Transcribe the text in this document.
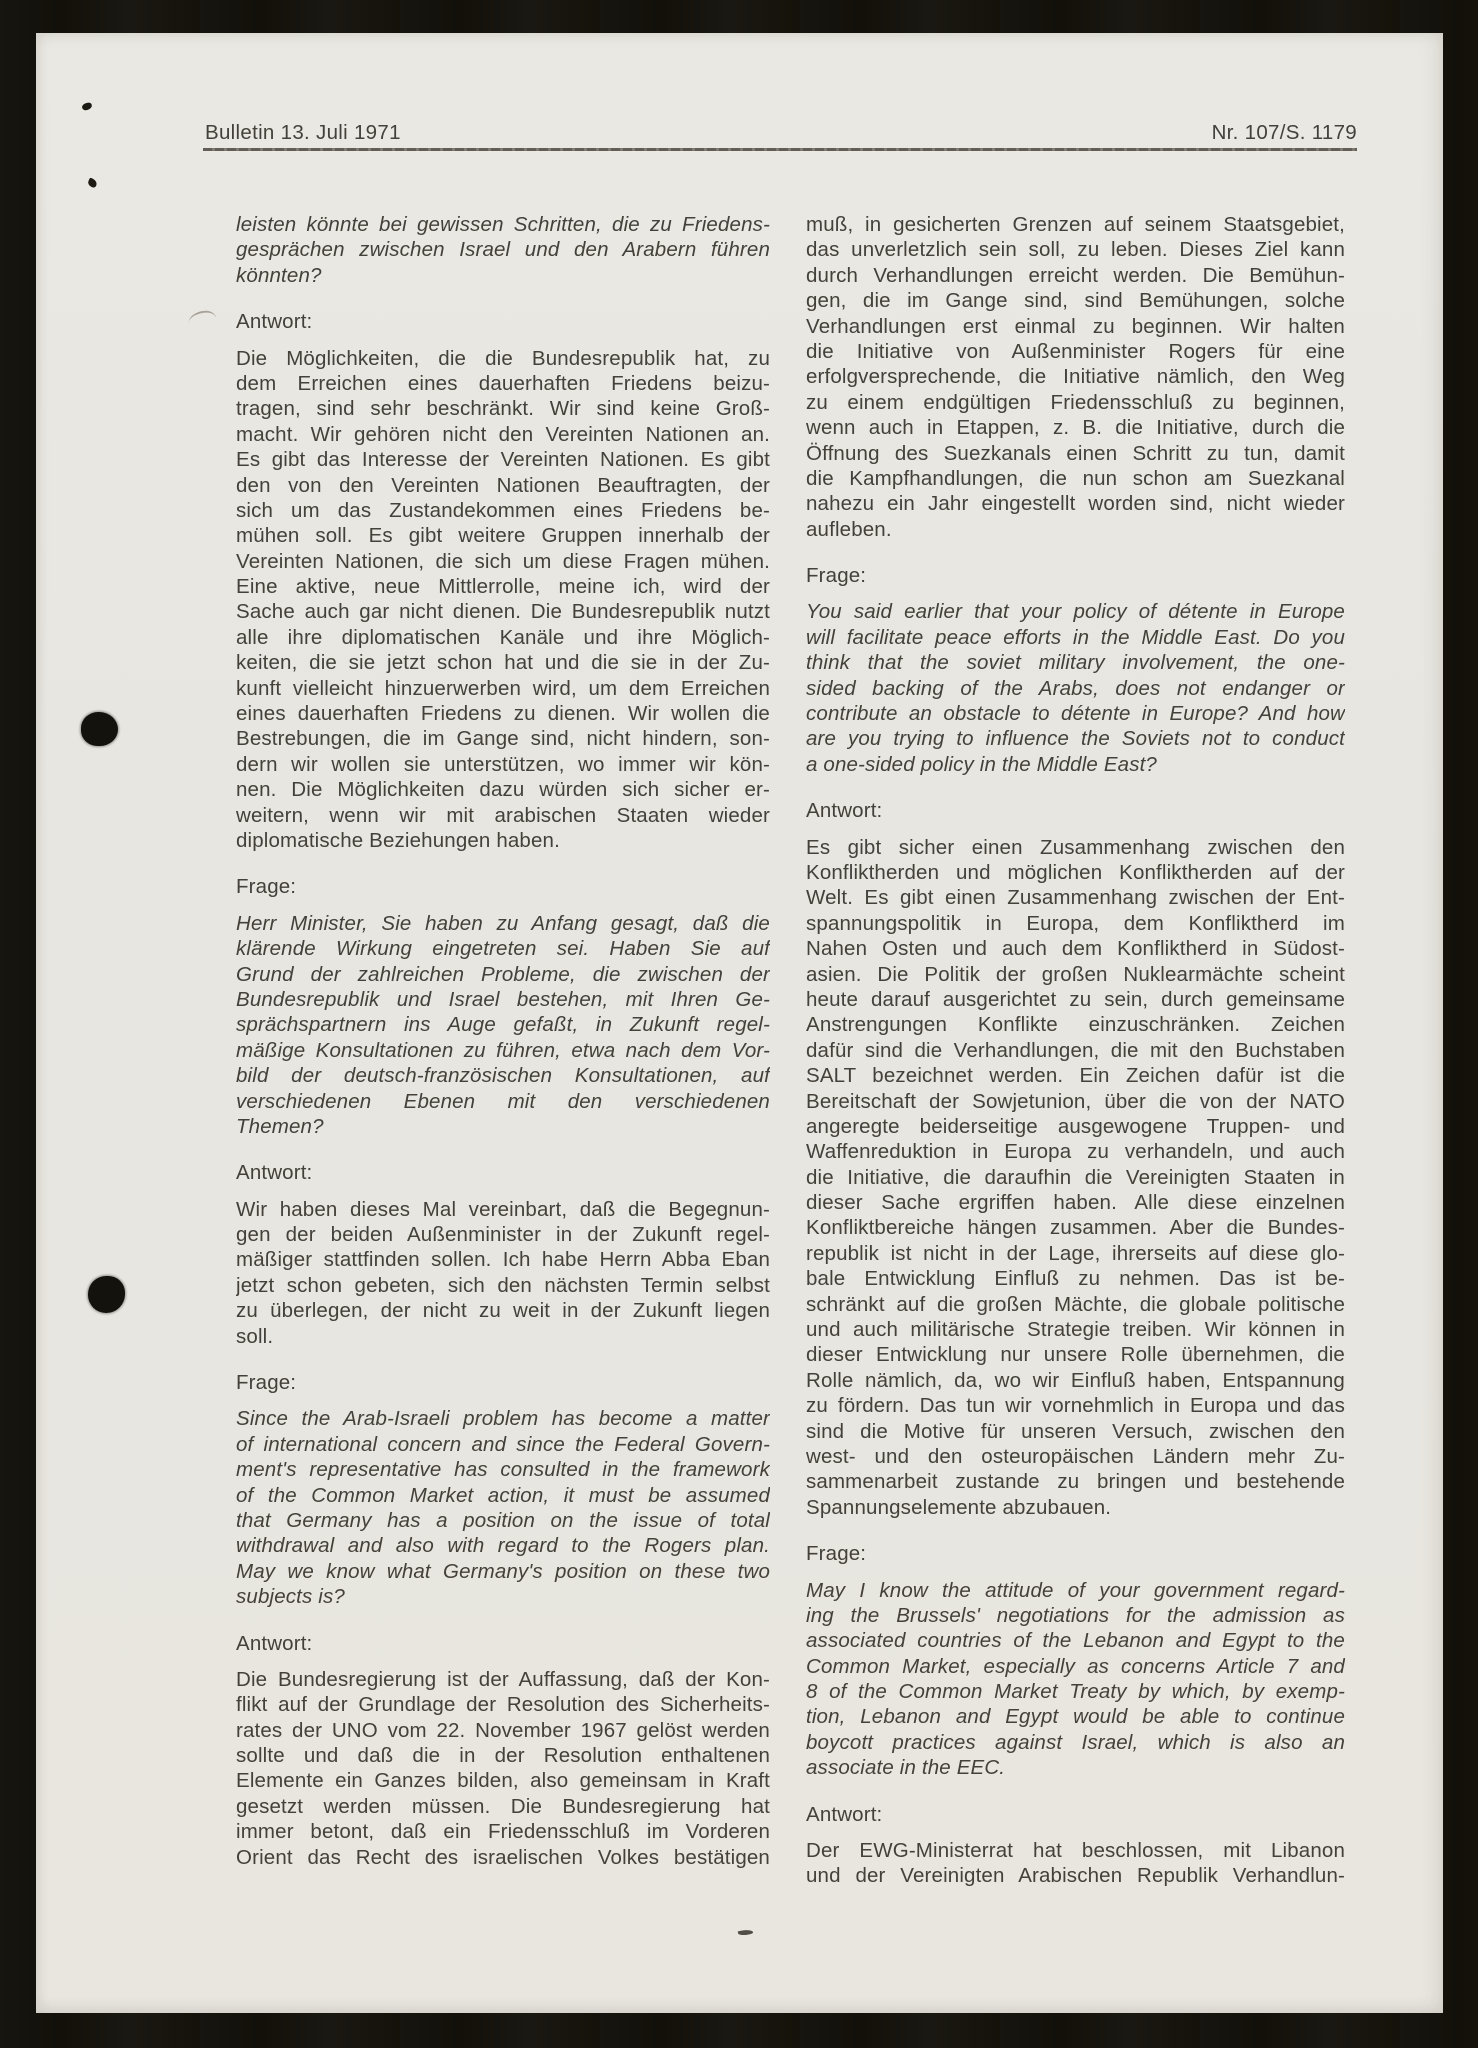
Bulletin 13. Juli 1971	Nr. 107/S. 1179
leisten könnte bei gewissen Schritten, die zu Friedens-
gesprächen zwischen Israel und den Arabern führen
könnten?
Antwort:
Die Möglichkeiten, die die Bundesrepublik hat, zu
dem Erreichen eines dauerhaften Friedens beizu-
tragen, sind sehr beschränkt. Wir sind keine Groß-
macht. Wir gehören nicht den Vereinten Nationen an.
Es gibt das Interesse der Vereinten Nationen. Es gibt
den von den Vereinten Nationen Beauftragten, der
sich um das Zustandekommen eines Friedens be-
mühen soll. Es gibt weitere Gruppen innerhalb der
Vereinten Nationen, die sich um diese Fragen mühen.
Eine aktive, neue Mittlerrolle, meine ich, wird der
Sache auch gar nicht dienen. Die Bundesrepublik nutzt
alle ihre diplomatischen Kanäle und ihre Möglich-
keiten, die sie jetzt schon hat und die sie in der Zu-
kunft vielleicht hinzuerwerben wird, um dem Erreichen
eines dauerhaften Friedens zu dienen. Wir wollen die
Bestrebungen, die im Gange sind, nicht hindern, son-
dern wir wollen sie unterstützen, wo immer wir kön-
nen. Die Möglichkeiten dazu würden sich sicher er-
weitern, wenn wir mit arabischen Staaten wieder
diplomatische Beziehungen haben.
Frage:
Herr Minister, Sie haben zu Anfang gesagt, daß die
klärende Wirkung eingetreten sei. Haben Sie auf
Grund der zahlreichen Probleme, die zwischen der
Bundesrepublik und Israel bestehen, mit Ihren Ge-
sprächspartnern ins Auge gefaßt, in Zukunft regel-
mäßige Konsultationen zu führen, etwa nach dem Vor-
bild der deutsch-französischen Konsultationen, auf
verschiedenen Ebenen mit den verschiedenen
Themen?
Antwort:
Wir haben dieses Mal vereinbart, daß die Begegnun-
gen der beiden Außenminister in der Zukunft regel-
mäßiger stattfinden sollen. Ich habe Herrn Abba Eban
jetzt schon gebeten, sich den nächsten Termin selbst
zu überlegen, der nicht zu weit in der Zukunft liegen
soll.
Frage:
Since the Arab-Israeli problem has become a matter
of international concern and since the Federal Govern-
ment's representative has consulted in the framework
of the Common Market action, it must be assumed
that Germany has a position on the issue of total
withdrawal and also with regard to the Rogers plan.
May we know what Germany's position on these two
subjects is?
Antwort:
Die Bundesregierung ist der Auffassung, daß der Kon-
flikt auf der Grundlage der Resolution des Sicherheits-
rates der UNO vom 22. November 1967 gelöst werden
sollte und daß die in der Resolution enthaltenen
Elemente ein Ganzes bilden, also gemeinsam in Kraft
gesetzt werden müssen. Die Bundesregierung hat
immer betont, daß ein Friedensschluß im Vorderen
Orient das Recht des israelischen Volkes bestätigen
muß, in gesicherten Grenzen auf seinem Staatsgebiet,
das unverletzlich sein soll, zu leben. Dieses Ziel kann
durch Verhandlungen erreicht werden. Die Bemühun-
gen, die im Gange sind, sind Bemühungen, solche
Verhandlungen erst einmal zu beginnen. Wir halten
die Initiative von Außenminister Rogers für eine
erfolgversprechende, die Initiative nämlich, den Weg
zu einem endgültigen Friedensschluß zu beginnen,
wenn auch in Etappen, z. B. die Initiative, durch die
Öffnung des Suezkanals einen Schritt zu tun, damit
die Kampfhandlungen, die nun schon am Suezkanal
nahezu ein Jahr eingestellt worden sind, nicht wieder
aufleben.
Frage:
You said earlier that your policy of détente in Europe
will facilitate peace efforts in the Middle East. Do you
think that the soviet military involvement, the one-
sided backing of the Arabs, does not endanger or
contribute an obstacle to détente in Europe? And how
are you trying to influence the Soviets not to conduct
a one-sided policy in the Middle East?
Antwort:
Es gibt sicher einen Zusammenhang zwischen den
Konfliktherden und möglichen Konfliktherden auf der
Welt. Es gibt einen Zusammenhang zwischen der Ent-
spannungspolitik in Europa, dem Konfliktherd im
Nahen Osten und auch dem Konfliktherd in Südost-
asien. Die Politik der großen Nuklearmächte scheint
heute darauf ausgerichtet zu sein, durch gemeinsame
Anstrengungen Konflikte einzuschränken. Zeichen
dafür sind die Verhandlungen, die mit den Buchstaben
SALT bezeichnet werden. Ein Zeichen dafür ist die
Bereitschaft der Sowjetunion, über die von der NATO
angeregte beiderseitige ausgewogene Truppen- und
Waffenreduktion in Europa zu verhandeln, und auch
die Initiative, die daraufhin die Vereinigten Staaten in
dieser Sache ergriffen haben. Alle diese einzelnen
Konfliktbereiche hängen zusammen. Aber die Bundes-
republik ist nicht in der Lage, ihrerseits auf diese glo-
bale Entwicklung Einfluß zu nehmen. Das ist be-
schränkt auf die großen Mächte, die globale politische
und auch militärische Strategie treiben. Wir können in
dieser Entwicklung nur unsere Rolle übernehmen, die
Rolle nämlich, da, wo wir Einfluß haben, Entspannung
zu fördern. Das tun wir vornehmlich in Europa und das
sind die Motive für unseren Versuch, zwischen den
west- und den osteuropäischen Ländern mehr Zu-
sammenarbeit zustande zu bringen und bestehende
Spannungselemente abzubauen.
Frage:
May I know the attitude of your government regard-
ing the Brussels' negotiations for the admission as
associated countries of the Lebanon and Egypt to the
Common Market, especially as concerns Article 7 and
8 of the Common Market Treaty by which, by exemp-
tion, Lebanon and Egypt would be able to continue
boycott practices against Israel, which is also an
associate in the EEC.
Antwort:
Der EWG-Ministerrat hat beschlossen, mit Libanon
und der Vereinigten Arabischen Republik Verhandlun-
